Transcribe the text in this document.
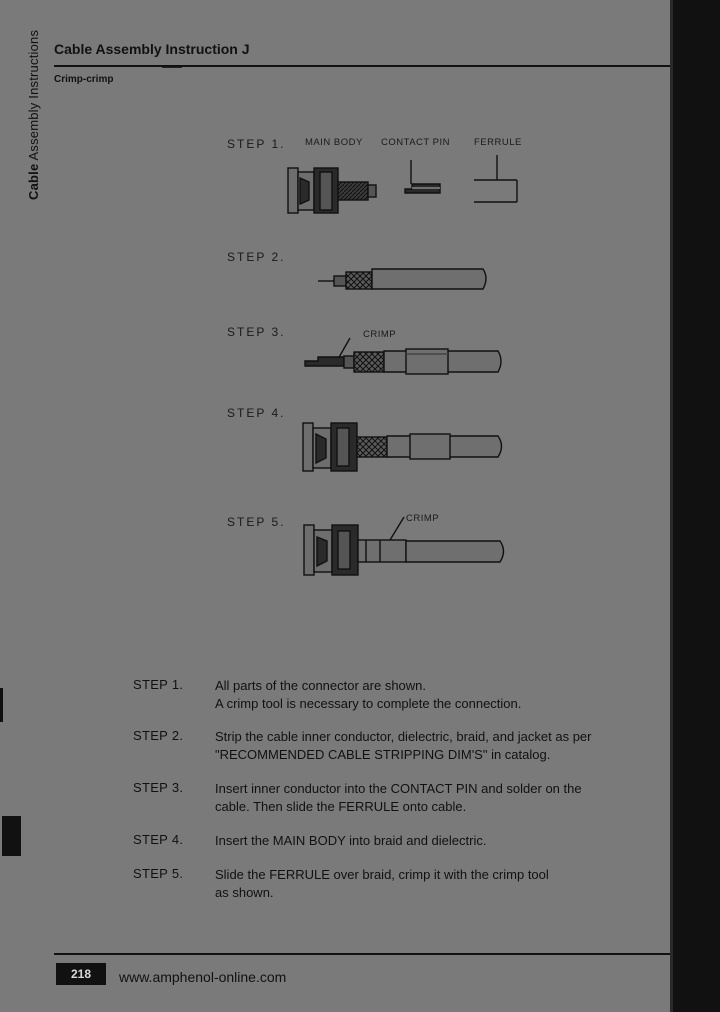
Cable Assembly Instructions Cable Assembly Instruction J
Crimp-crimp
STEP 1.
STEP 2.
STEP 3.
STEP 4.
STEP 5.
MAIN BODY CONTACT PIN	FERRULE
CRIMP
CRIMP
STEP 1. All parts of the connector are shown.
A crimp tool is necessary to complete the connection.
STEP 2. Strip the cable inner conductor, dielectric, braid, and jacket as per
"RECOMMENDED CABLE STRIPPING DIM'S" in catalog.
STEP 3. Insert inner conductor into the CONTACT PIN and solder on the
cable. Then slide the FERRULE onto cable.
STEP 4. Insert the MAIN BODY into braid and dielectric.
STEP 5. Slide the FERRULE over braid, crimp it with the crimp tool
as shown.
218	www.amphenol-online.com
